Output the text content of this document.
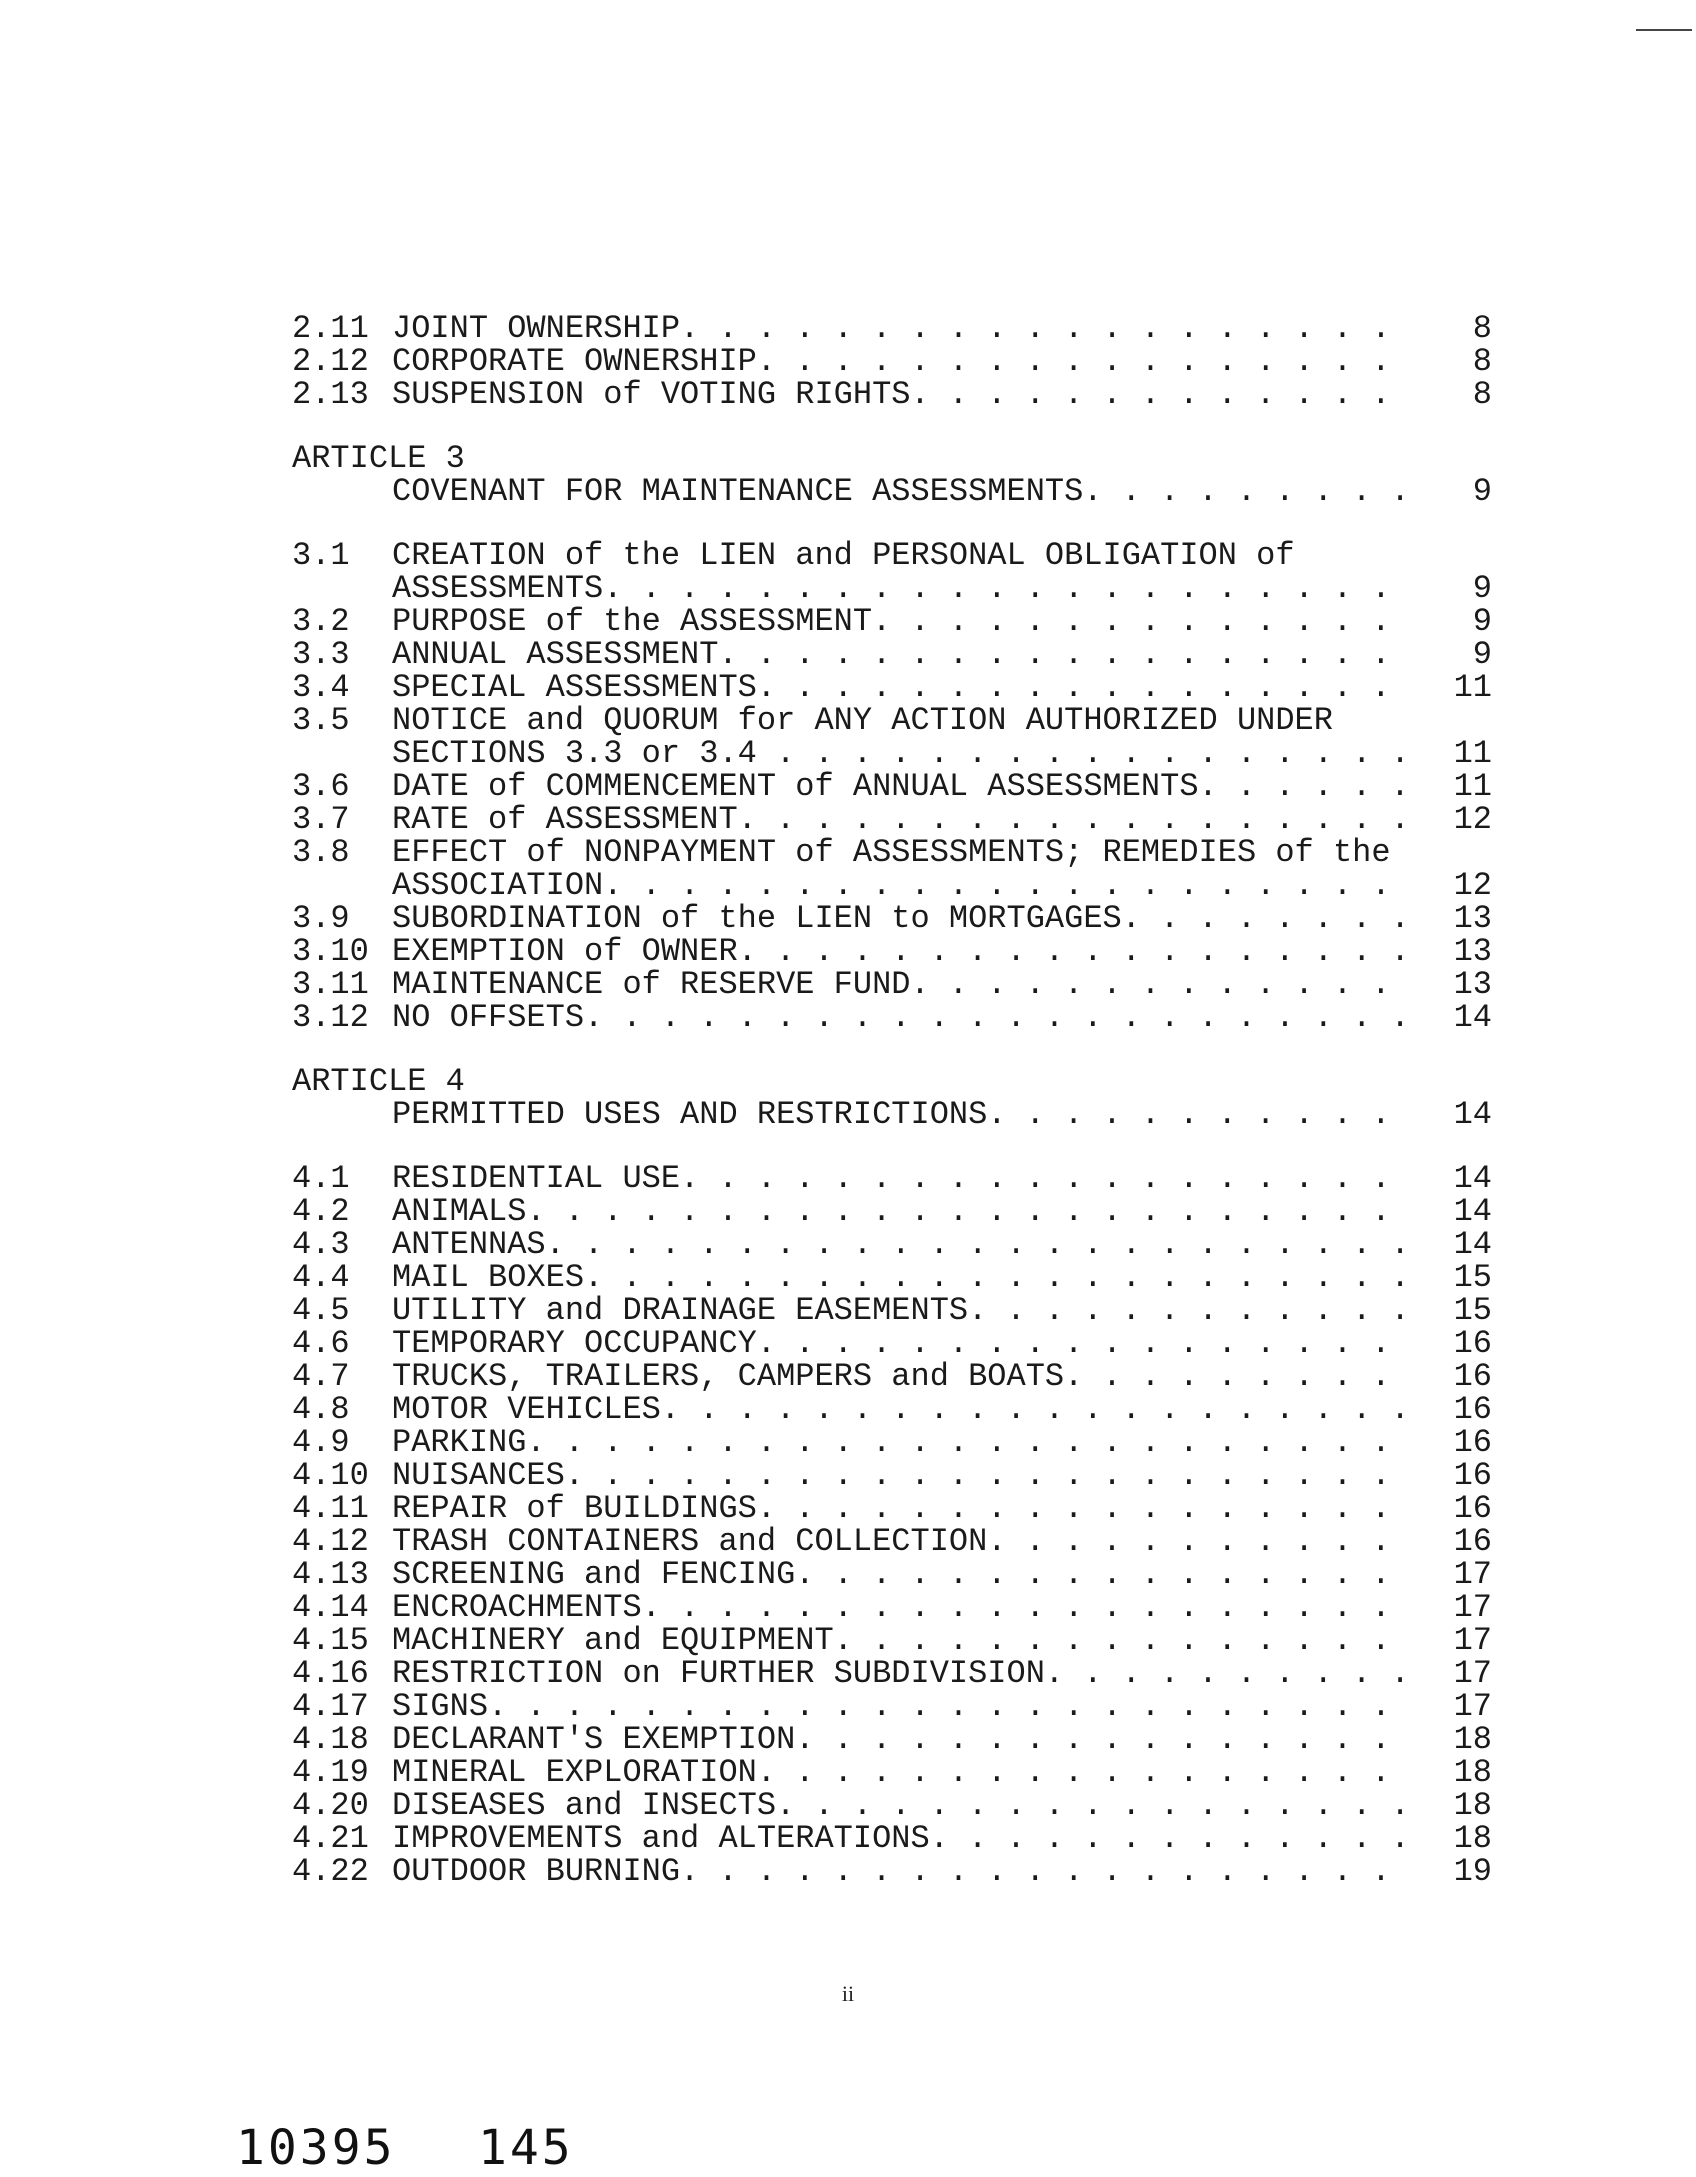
2.11 JOINT OWNERSHIP . . . . . . . . . . . . . . . . . . .	8
2.12 CORPORATE OWNERSHIP . . . . . . . . . . . . . . . . .	8
2.13 SUSPENSION of VOTING RIGHTS . . . . . . . . . . . . .	8
ARTICLE 3
COVENANT FOR MAINTENANCE ASSESSMENTS . . . . . . . . .	9
3.1 CREATION of the LIEN and PERSONAL OBLIGATION of
ASSESSMENTS . . . . . . . . . . . . . . . . . . . . .	9
3.2 PURPOSE of the ASSESSMENT . . . . . . . . . . . . . .	9
3.3 ANNUAL ASSESSMENT . . . . . . . . . . . . . . . . . .	9
3.4 SPECIAL ASSESSMENTS . . . . . . . . . . . . . . . . .	11
3.5 NOTICE and QUORUM for ANY ACTION AUTHORIZED UNDER
SECTIONS 3.3 or 3.4 . . . . . . . . . . . . . . . . .	11
3.6 DATE of COMMENCEMENT of ANNUAL ASSESSMENTS . . . . . .	11
3.7 RATE of ASSESSMENT . . . . . . . . . . . . . . . . . .	12
3.8 EFFECT of NONPAYMENT of ASSESSMENTS; REMEDIES of the
ASSOCIATION . . . . . . . . . . . . . . . . . . . . .	12
3.9 SUBORDINATION of the LIEN to MORTGAGES . . . . . . . .	13
3.10 EXEMPTION of OWNER . . . . . . . . . . . . . . . . . .	13
3.11 MAINTENANCE of RESERVE FUND . . . . . . . . . . . . .	13
3.12 NO OFFSETS . . . . . . . . . . . . . . . . . . . . . .	14
ARTICLE 4
PERMITTED USES AND RESTRICTIONS . . . . . . . . . . .	14
4.1 RESIDENTIAL USE . . . . . . . . . . . . . . . . . . .	14
4.2 ANIMALS . . . . . . . . . . . . . . . . . . . . . . .	14
4.3 ANTENNAS . . . . . . . . . . . . . . . . . . . . . . .	14
4.4 MAIL BOXES . . . . . . . . . . . . . . . . . . . . . .	15
4.5 UTILITY and DRAINAGE EASEMENTS . . . . . . . . . . . .	15
4.6 TEMPORARY OCCUPANCY . . . . . . . . . . . . . . . . .	16
4.7 TRUCKS, TRAILERS, CAMPERS and BOATS . . . . . . . . .	16
4.8 MOTOR VEHICLES . . . . . . . . . . . . . . . . . . . .	16
4.9 PARKING . . . . . . . . . . . . . . . . . . . . . . .	16
4.10 NUISANCES . . . . . . . . . . . . . . . . . . . . . .	16
4.11 REPAIR of BUILDINGS . . . . . . . . . . . . . . . . .	16
4.12 TRASH CONTAINERS and COLLECTION . . . . . . . . . . .	16
4.13 SCREENING and FENCING . . . . . . . . . . . . . . . .	17
4.14 ENCROACHMENTS . . . . . . . . . . . . . . . . . . . .	17
4.15 MACHINERY and EQUIPMENT . . . . . . . . . . . . . . .	17
4.16 RESTRICTION on FURTHER SUBDIVISION . . . . . . . . . .	17
4.17 SIGNS . . . . . . . . . . . . . . . . . . . . . . . .	17
4.18 DECLARANT'S EXEMPTION . . . . . . . . . . . . . . . .	18
4.19 MINERAL EXPLORATION . . . . . . . . . . . . . . . . .	18
4.20 DISEASES and INSECTS . . . . . . . . . . . . . . . . .	18
4.21 IMPROVEMENTS and ALTERATIONS . . . . . . . . . . . . .	18
4.22 OUTDOOR BURNING . . . . . . . . . . . . . . . . . . .	19
ii
10395 145
